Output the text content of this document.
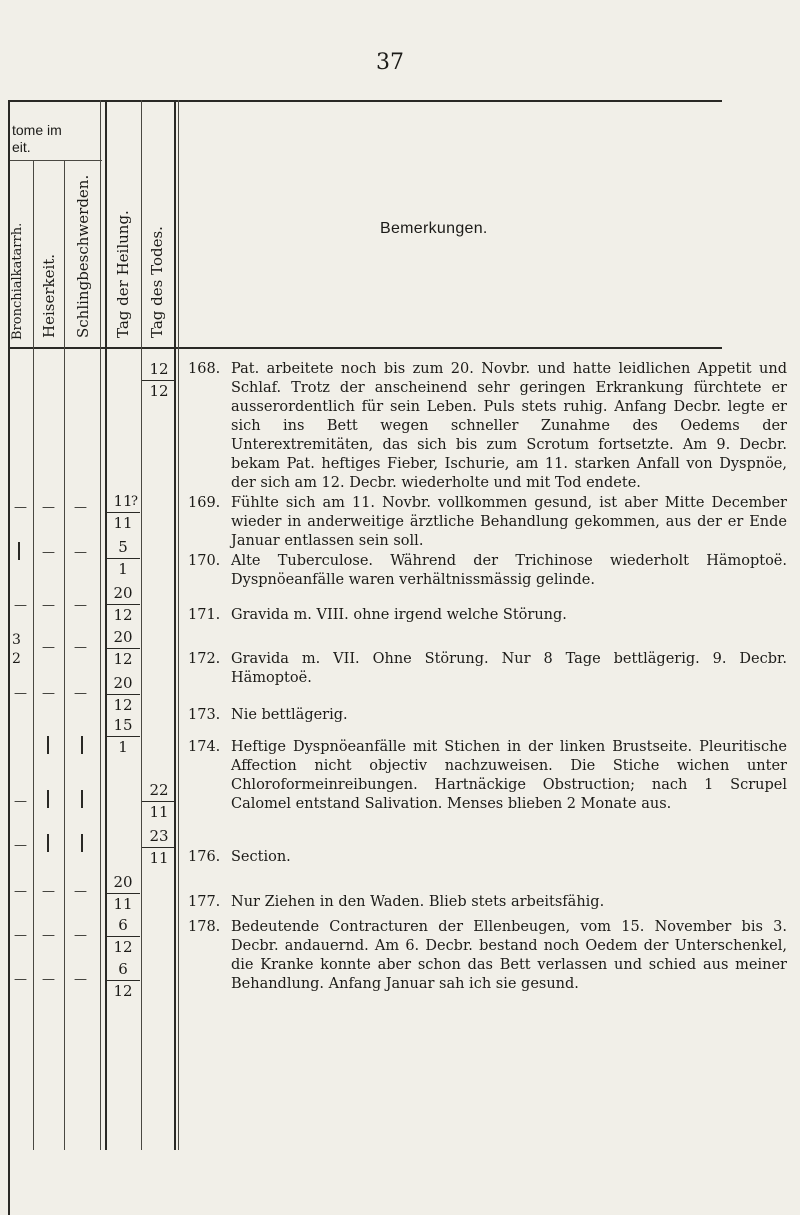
37
tome im
eit.
Bronchialkatarrh. Heiserkeit. Schlingbeschwerden. Tag der Heilung. Tag des Todes.	Bemerkungen.
$\frac{12}{12}$
$\frac{22}{11}$
$\frac{23}{11}$
$\frac{11}{11}$
?
$\frac{5}{1}$
$\frac{20}{12}$
$\frac{20}{12}$
$\frac{20}{12}$
$\frac{15}{1}$
$\frac{20}{11}$
$\frac{6}{12}$
$\frac{6}{12}$
— — —
— —
— — —
3
2
— —
— — —
—
—
— — —
— — —
— — —
168. Pat. arbeitete noch bis zum 20. Novbr. und hatte leidlichen Appetit und Schlaf. Trotz der anscheinend sehr geringen Erkrankung fürchtete er ausserordentlich für sein Leben. Puls stets ruhig. Anfang Decbr. legte er sich ins Bett wegen schneller Zunahme des Oedems der Unterextremitäten, das sich bis zum Scrotum fortsetzte. Am 9. Decbr. bekam Pat. heftiges Fieber, Ischurie, am 11. starken Anfall von Dyspnöe, der sich am 12. Decbr. wiederholte und mit Tod endete.
169. Fühlte sich am 11. Novbr. vollkommen gesund, ist aber Mitte December wieder in anderweitige ärztliche Behandlung gekommen, aus der er Ende Januar entlassen sein soll.
170. Alte Tuberculose. Während der Trichinose wiederholt Hämoptoë. Dyspnöeanfälle waren verhältnissmässig gelinde.
171. Gravida m. VIII. ohne irgend welche Störung.
172. Gravida m. VII. Ohne Störung. Nur 8 Tage bettlägerig. 9. Decbr. Hämoptoë.
173. Nie bettlägerig.
174. Heftige Dyspnöeanfälle mit Stichen in der linken Brustseite. Pleuritische Affection nicht objectiv nachzuweisen. Die Stiche wichen unter Chloroformeinreibungen. Hartnäckige Obstruction; nach 1 Scrupel Calomel entstand Salivation. Menses blieben 2 Monate aus.
176. Section.
177. Nur Ziehen in den Waden. Blieb stets arbeitsfähig.
178. Bedeutende Contracturen der Ellenbeugen, vom 15. November bis 3. Decbr. andauernd. Am 6. Decbr. bestand noch Oedem der Unterschenkel, die Kranke konnte aber schon das Bett verlassen und schied aus meiner Behandlung. Anfang Januar sah ich sie gesund.
